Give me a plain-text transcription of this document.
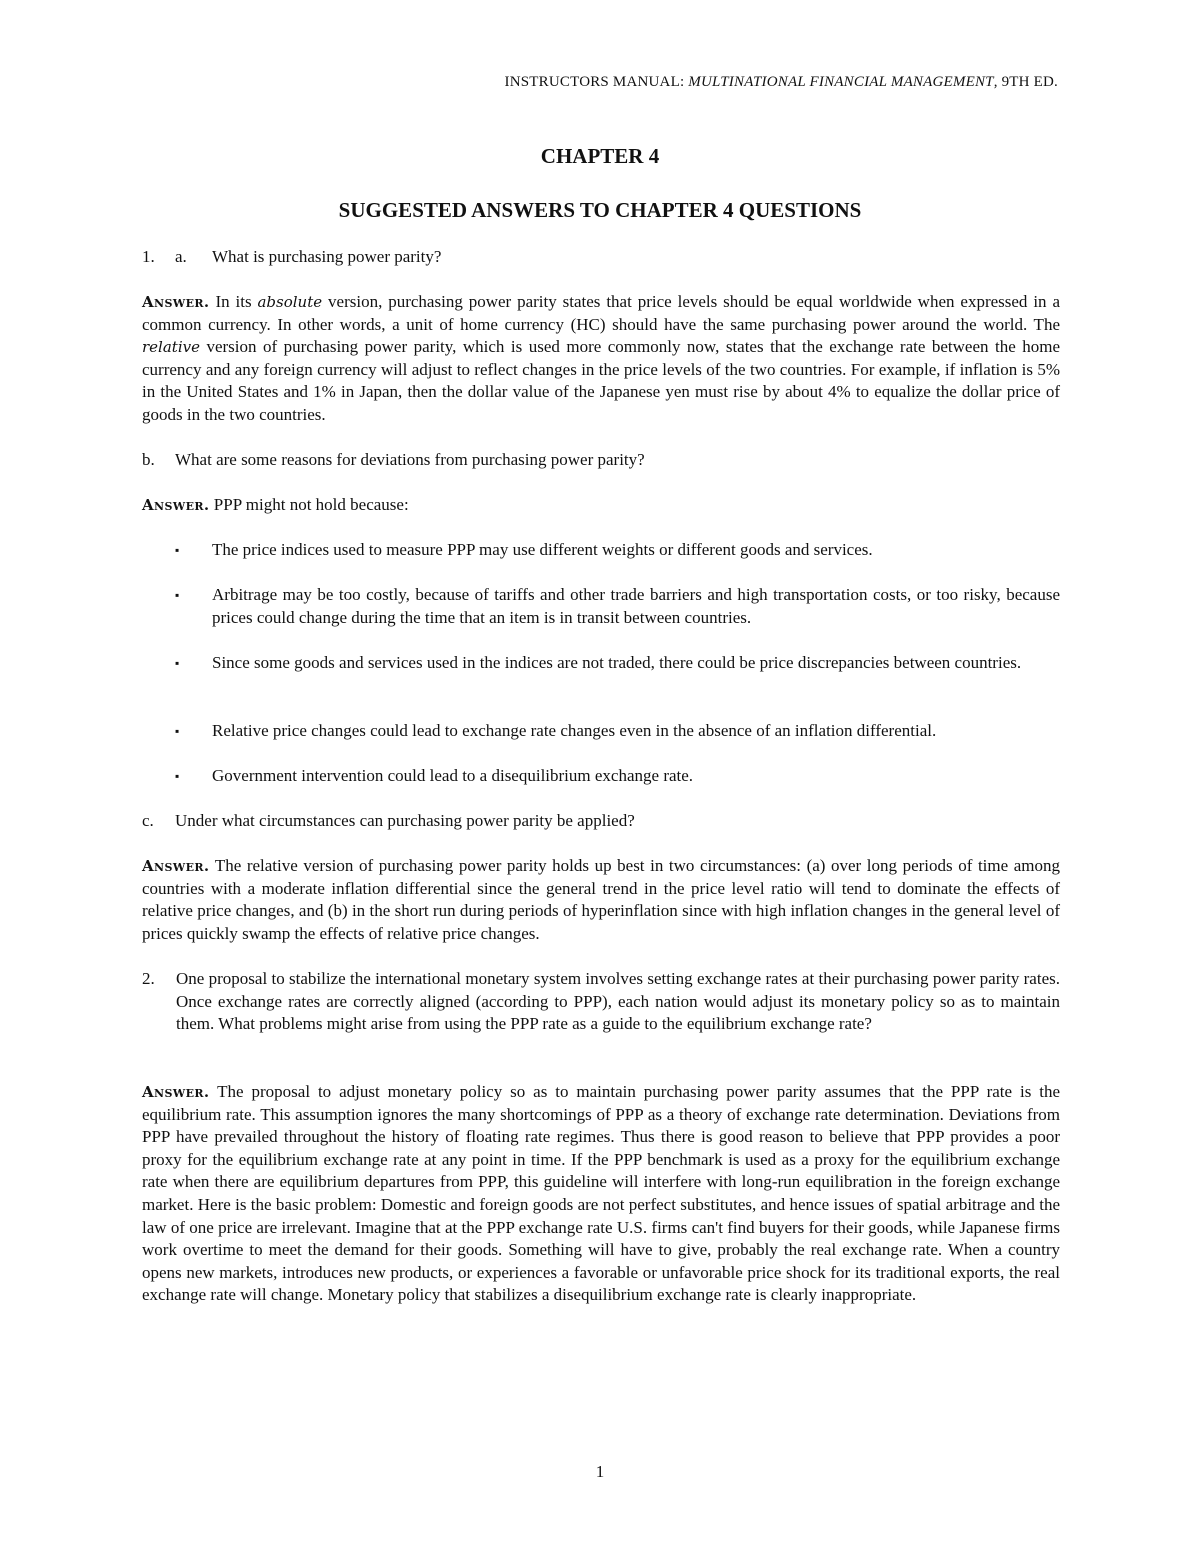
INSTRUCTORS MANUAL: MULTINATIONAL FINANCIAL MANAGEMENT, 9TH ED.
CHAPTER 4
SUGGESTED ANSWERS TO CHAPTER 4 QUESTIONS
1. a. What is purchasing power parity?

Answer. In its absolute version, purchasing power parity states that price levels should be equal worldwide when expressed in a common currency. In other words, a unit of home currency (HC) should have the same purchasing power around the world. The relative version of purchasing power parity, which is used more commonly now, states that the exchange rate between the home currency and any foreign currency will adjust to reflect changes in the price levels of the two countries. For example, if inflation is 5% in the United States and 1% in Japan, then the dollar value of the Japanese yen must rise by about 4% to equalize the dollar price of goods in the two countries.

b. What are some reasons for deviations from purchasing power parity?

Answer. PPP might not hold because:

▪ The price indices used to measure PPP may use different weights or different goods and services.
▪ Arbitrage may be too costly, because of tariffs and other trade barriers and high transportation costs, or too risky, because prices could change during the time that an item is in transit between countries.
▪ Since some goods and services used in the indices are not traded, there could be price discrepancies between countries.
▪ Relative price changes could lead to exchange rate changes even in the absence of an inflation differential.
▪ Government intervention could lead to a disequilibrium exchange rate.
c. Under what circumstances can purchasing power parity be applied?

Answer. The relative version of purchasing power parity holds up best in two circumstances: (a) over long periods of time among countries with a moderate inflation differential since the general trend in the price level ratio will tend to dominate the effects of relative price changes, and (b) in the short run during periods of hyperinflation since with high inflation changes in the general level of prices quickly swamp the effects of relative price changes.

2. One proposal to stabilize the international monetary system involves setting exchange rates at their purchasing power parity rates. Once exchange rates are correctly aligned (according to PPP), each nation would adjust its monetary policy so as to maintain them. What problems might arise from using the PPP rate as a guide to the equilibrium exchange rate?

Answer. The proposal to adjust monetary policy so as to maintain purchasing power parity assumes that the PPP rate is the equilibrium rate. This assumption ignores the many shortcomings of PPP as a theory of exchange rate determination. Deviations from PPP have prevailed throughout the history of floating rate regimes. Thus there is good reason to believe that PPP provides a poor proxy for the equilibrium exchange rate at any point in time. If the PPP benchmark is used as a proxy for the equilibrium exchange rate when there are equilibrium departures from PPP, this guideline will interfere with long-run equilibration in the foreign exchange market. Here is the basic problem: Domestic and foreign goods are not perfect substitutes, and hence issues of spatial arbitrage and the law of one price are irrelevant. Imagine that at the PPP exchange rate U.S. firms can't find buyers for their goods, while Japanese firms work overtime to meet the demand for their goods. Something will have to give, probably the real exchange rate. When a country opens new markets, introduces new products, or experiences a favorable or unfavorable price shock for its traditional exports, the real exchange rate will change. Monetary policy that stabilizes a disequilibrium exchange rate is clearly inappropriate.

1
